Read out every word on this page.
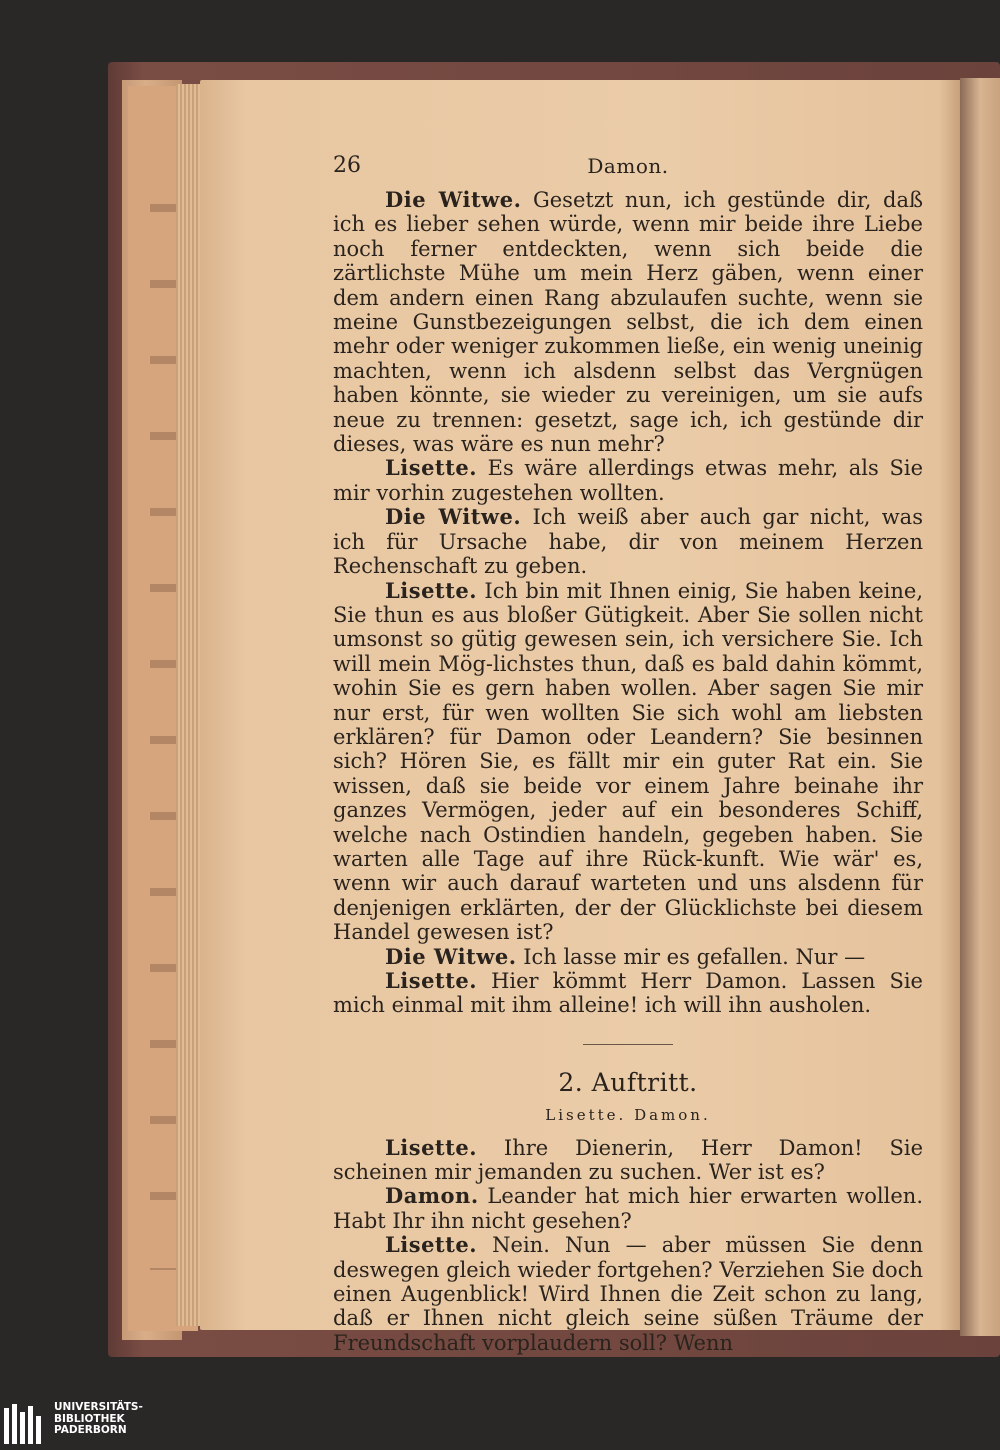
26	Damon.

Die Witwe. Gesetzt nun, ich gestünde dir, daß ich es lieber sehen würde, wenn mir beide ihre Liebe noch ferner entdeckten, wenn sich beide die zärtlichste Mühe um mein Herz gäben, wenn einer dem andern einen Rang abzulaufen suchte, wenn sie meine Gunstbezeigungen selbst, die ich dem einen mehr oder weniger zukommen ließe, ein wenig uneinig machten, wenn ich alsdenn selbst das Vergnügen haben könnte, sie wieder zu vereinigen, um sie aufs neue zu trennen: gesetzt, sage ich, ich gestünde dir dieses, was wäre es nun mehr?

Lisette. Es wäre allerdings etwas mehr, als Sie mir vorhin zugestehen wollten.

Die Witwe. Ich weiß aber auch gar nicht, was ich für Ursache habe, dir von meinem Herzen Rechenschaft zu geben.

Lisette. Ich bin mit Ihnen einig, Sie haben keine, Sie thun es aus bloßer Gütigkeit. Aber Sie sollen nicht umsonst so gütig gewesen sein, ich versichere Sie. Ich will mein Mög-lichstes thun, daß es bald dahin kömmt, wohin Sie es gern haben wollen. Aber sagen Sie mir nur erst, für wen wollten Sie sich wohl am liebsten erklären? für Damon oder Leandern? Sie besinnen sich? Hören Sie, es fällt mir ein guter Rat ein. Sie wissen, daß sie beide vor einem Jahre beinahe ihr ganzes Vermögen, jeder auf ein besonderes Schiff, welche nach Ostindien handeln, gegeben haben. Sie warten alle Tage auf ihre Rück-kunft. Wie wär' es, wenn wir auch darauf warteten und uns alsdenn für denjenigen erklärten, der der Glücklichste bei diesem Handel gewesen ist?

Die Witwe. Ich lasse mir es gefallen. Nur —

Lisette. Hier kömmt Herr Damon. Lassen Sie mich einmal mit ihm alleine! ich will ihn ausholen.

2. Auftritt.
Lisette. Damon.

Lisette. Ihre Dienerin, Herr Damon! Sie scheinen mir jemanden zu suchen. Wer ist es?

Damon. Leander hat mich hier erwarten wollen. Habt Ihr ihn nicht gesehen?

Lisette. Nein. Nun — aber müssen Sie denn deswegen gleich wieder fortgehen? Verziehen Sie doch einen Augenblick! Wird Ihnen die Zeit schon zu lang, daß er Ihnen nicht gleich seine süßen Träume der Freundschaft vorplaudern soll? Wenn

UNIVERSITÄTS-
BIBLIOTHEK
PADERBORN
